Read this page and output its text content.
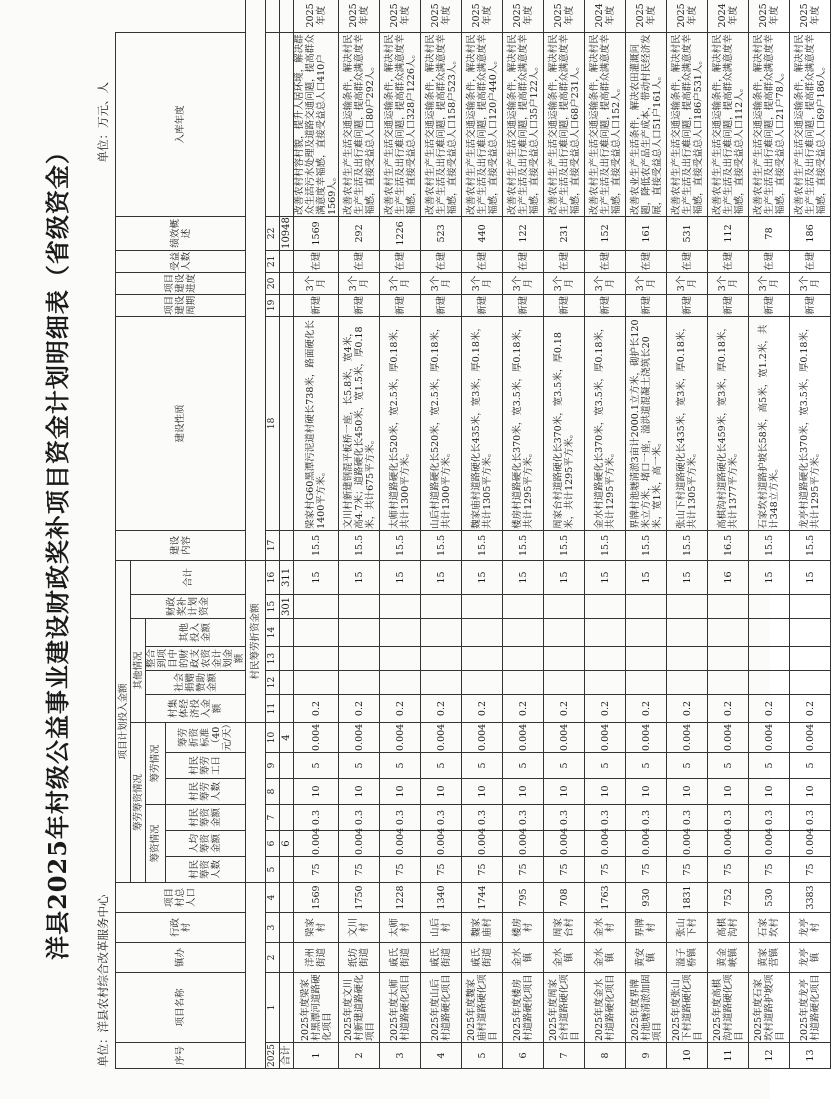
洋县2025年村级公益事业建设财政奖补项目资金计划明细表（省级资金）
单位：洋县农村综合改革服务中心
单位：万元、人
序号	项目名称	镇办	行政村	项目村总人口	项目计划投入金额												建设内容	建设性质	项目建设周期	项目建设进度	受益人数	绩效概述	入库年度	
					筹劳筹资情况						其他情况				财政奖补计划资金	合计								
					筹资情况			筹劳情况			村集体经济投入金额	社会捐赠赞助金额	整合到项目中的财政支农资金计划金额	其他投入金额										
					村民筹资人数	人均筹资金额	村民筹资金额	村民筹劳人数	村民筹劳工日	筹劳折资标准（40元/天）														
											村民筹劳折资金额													
2025	1	2	3	4	5	6	7	8	9	10	11	12	13	14	15	16	17	18	19	20	21	22		
合计						6				4					301	311						10948		
1	2025年度梁家村黑潭河道路硬化项目	洋州街道	梁家村	1569	75	0.004	0.3	10	5	0.004	0.2					15	15.5	梁家村G60黑潭污泥道村硬长738米，路面硬化长1400平方米。	新建	3个月	在建	1569	改善农村村容村貌，提升人居环境，解决群众生活污水处理及道路交通问题，提高群众满意度幸福感，直接受益总人口410户1569人。	2025年度
2	2025年度文川村新建道路硬化项目	纸坊街道	文川村	1750	75	0.004	0.3	10	5	0.004	0.2					15	15.5	文川村新建钢混平板桥一座，长5.8米，宽4米，高4.7米；道路硬化长450米，宽1.5米，厚0.18米，共计675平方米。	新建	3个月	在建	292	改善农村生产生活交通运输条件，解决村民生产生活及出行难问题，提高群众满意度幸福感，直接受益总人口80户292人。	2025年度
3	2025年度太师村道路硬化项目	戚氏街道	太师村	1228	75	0.004	0.3	10	5	0.004	0.2					15	15.5	太师村道路硬化长520米，宽2.5米，厚0.18米，共计1300平方米。	新建	3个月	在建	1226	改善农村生产生活交通运输条件，解决村民生产生活及出行难问题，提高群众满意度幸福感，直接受益总人口328户1226人。	2025年度
4	2025年度山后村道路硬化项目	戚氏街道	山后村	1340	75	0.004	0.3	10	5	0.004	0.2					15	15.5	山后村道路硬化长520米，宽2.5米，厚0.18米，共计1300平方米。	新建	3个月	在建	523	改善农村生产生活交通运输条件，解决村民生产生活及出行难问题，提高群众满意度幸福感，直接受益总人口158户523人。	2025年度
5	2025年度魏家庙村道路硬化项目	戚氏街道	魏家庙村	1744	75	0.004	0.3	10	5	0.004	0.2					15	15.5	魏家庙村道路硬化长435米，宽3米，厚0.18米，共计1305平方米。	新建	3个月	在建	440	改善农村生产生活交通运输条件，解决村民生产生活及出行难问题，提高群众满意度幸福感，直接受益总人口120户440人。	2025年度
6	2025年度楼房村道路硬化项目	金水镇	楼房村	795	75	0.004	0.3	10	5	0.004	0.2					15	15.5	楼房村道路硬化长370米，宽3.5米，厚0.18米，共计1295平方米。	新建	3个月	在建	122	改善农村生产生活交通运输条件，解决村民生产生活及出行难问题，提高群众满意度幸福感，直接受益总人口35户122人。	2025年度
7	2025年度周家台村道路硬化项目	金水镇	周家台村	708	75	0.004	0.3	10	5	0.004	0.2					15	15.5	周家台村道路硬化长370米，宽3.5米，厚0.18米，共计1295平方米。	新建	3个月	在建	231	改善农村生产生活交通运输条件，解决村民生产生活及出行难问题，提高群众满意度幸福感，直接受益总人口68户231人。	2025年度
8	2025年度金水村道路硬化项目	金水镇	金水村	1763	75	0.004	0.3	10	5	0.004	0.2					15	15.5	金水村道路硬化长370米，宽3.5米，厚0.18米，共计1295平方米。	新建	3个月	在建	152	改善农村生产生活交通运输条件，解决村民生产生活及出行难问题，提高群众满意度幸福感，直接受益总人口152人。	2024年度
9	2025年度界牌村池塘清淤加固项目	黄安镇	界牌村	930	75	0.004	0.3	10	5	0.004	0.2					15	15.5	界牌村池塘清淤3亩计2000.1立方米，砌护长120米立方米，堵口一座，溢洪道混凝土浇筑长20米，宽1米，高一米。	新建	3个月	在建	161	改善农业生产生活条件，解决农田灌溉问题，降低农产品生产成本，带动村民经济发展，直接受益总人口51户161人。	2025年度
10	2025年度张山下村道路硬化项目	溢子桥镇	张山下村	1831	75	0.004	0.3	10	5	0.004	0.2					15	15.5	张山下村道路硬化长435米，宽3米，厚0.18米，共计1305平方米。	新建	3个月	在建	531	改善农村生产生活交通运输条件，解决村民生产生活及出行难问题，提高群众满意度幸福感，直接受益总人口186户531人。	2025年度
11	2025年度高棋沟村道路硬化项目	黄金峡镇	高棋沟村	752	75	0.004	0.3	10	5	0.004	0.2					16	16.5	高棋沟村道路硬化长459米，宽3米，厚0.18米，共计1377平方米。	新建	3个月	在建	112	改善农村生产生活交通运输条件，解决村民生产生活及出行难问题，提高群众满意度幸福感，直接受益总人口112人。	2024年度
12	2025年度石家坎村道路护坡项目	黄家营镇	石家坎村	530	75	0.004	0.3	10	5	0.004	0.2					15	15.5	石家坎村道路护坡长58米，高5米，宽1.2米，共计348立方米。	新建	3个月	在建	78	改善农村生产生活交通运输条件，解决村民生产生活及出行难问题，提高群众满意度幸福感，直接受益总人口21户78人。	2025年度
13	2025年度龙亭村道路硬化项目	龙亭镇	龙亭村	3383	75	0.004	0.3	10	5	0.004	0.2					15	15.5	龙亭村道路硬化长370米，宽3.5米，厚0.18米，共计1295平方米。	新建	3个月	在建	186	改善农村生产生活交通运输条件，解决村民生产生活及出行难问题，提高群众满意度幸福感，直接受益总人口69户186人。	2025年度
